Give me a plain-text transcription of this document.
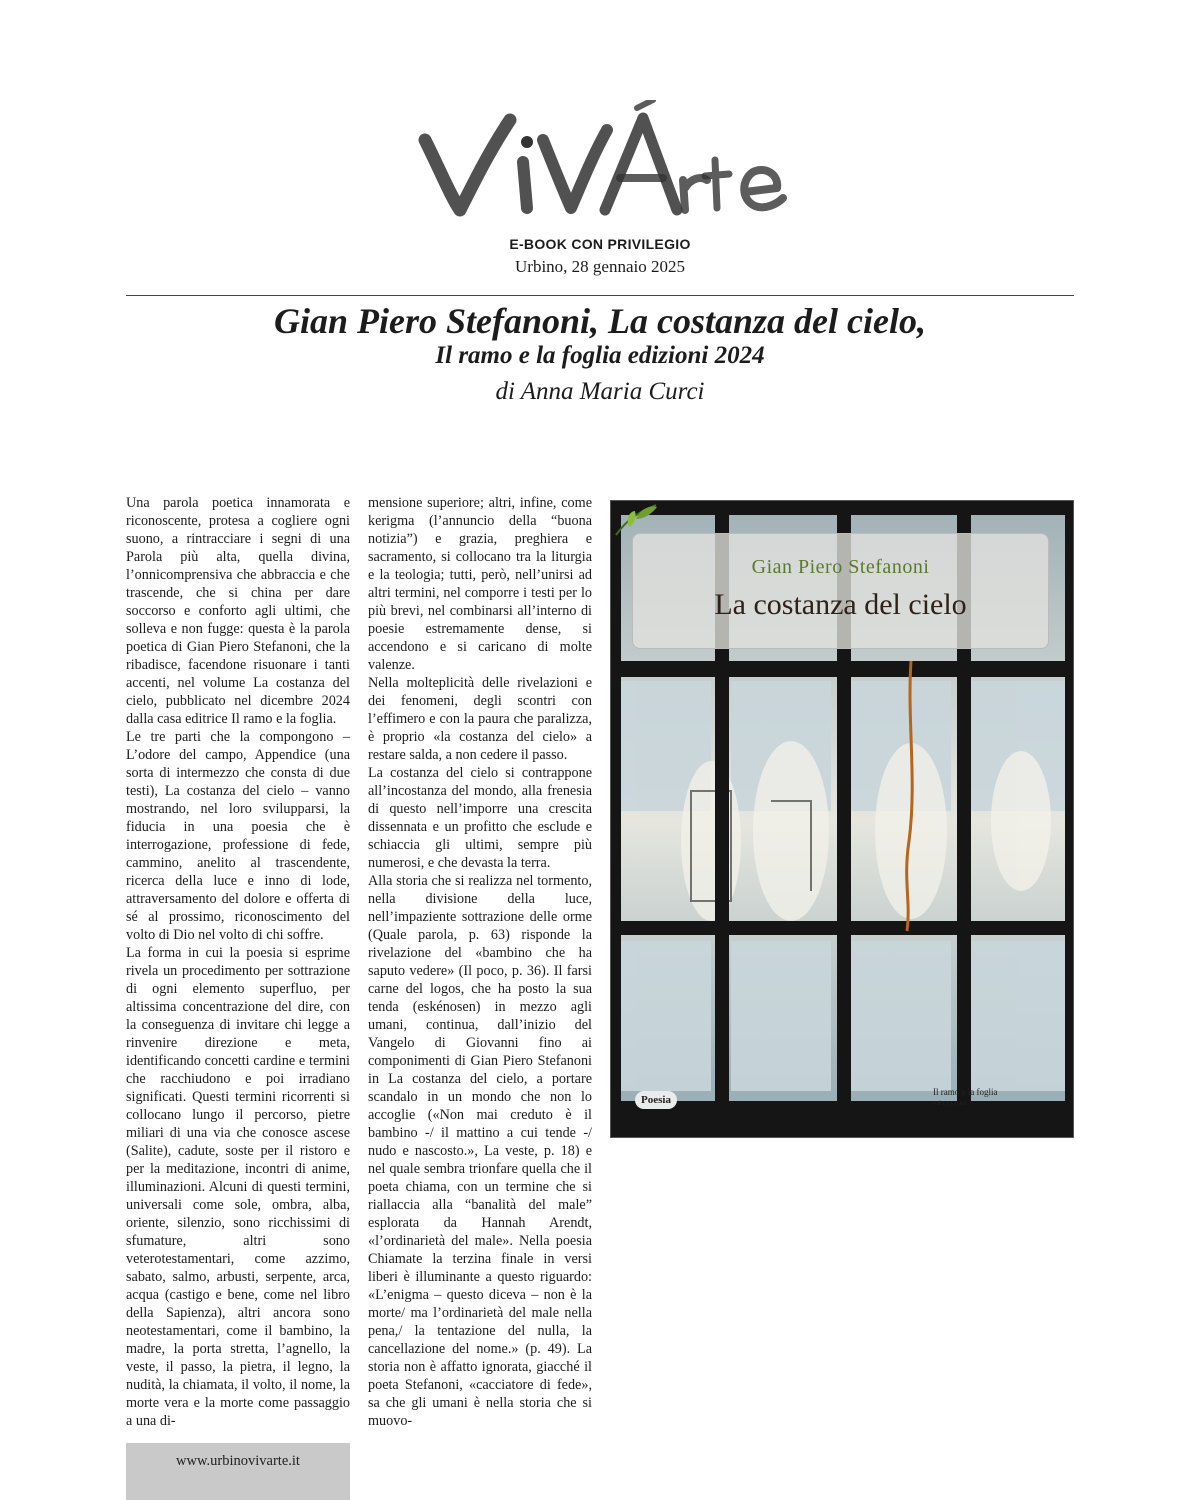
E-BOOK CON PRIVILEGIO
Urbino, 28 gennaio 2025
Gian Piero Stefanoni, La costanza del cielo,
Il ramo e la foglia edizioni 2024
di Anna Maria Curci

Una parola poetica innamorata e riconoscente, protesa a cogliere ogni suono, a rintracciare i segni di una Parola più alta, quella divina, l’onnicomprensiva che abbraccia e che trascende, che si china per dare soccorso e conforto agli ultimi, che solleva e non fugge: questa è la parola poetica di Gian Piero Stefanoni, che la ribadisce, facendone risuonare i tanti accenti, nel volume La costanza del cielo, pubblicato nel dicembre 2024 dalla casa editrice Il ramo e la foglia.

Le tre parti che la compongono – L’odore del campo, Appendice (una sorta di intermezzo che consta di due testi), La costanza del cielo – vanno mostrando, nel loro svilupparsi, la fiducia in una poesia che è interrogazione, professione di fede, cammino, anelito al trascendente, ricerca della luce e inno di lode, attraversamento del dolore e offerta di sé al prossimo, riconoscimento del volto di Dio nel volto di chi soffre.

La forma in cui la poesia si esprime rivela un procedimento per sottrazione di ogni elemento superfluo, per altissima concentrazione del dire, con la conseguenza di invitare chi legge a rinvenire direzione e meta, identificando concetti cardine e termini che racchiudono e poi irradiano significati. Questi termini ricorrenti si collocano lungo il percorso, pietre miliari di una via che conosce ascese (Salite), cadute, soste per il ristoro e per la meditazione, incontri di anime, illuminazioni. Alcuni di questi termini, universali come sole, ombra, alba, oriente, silenzio, sono ricchissimi di sfumature, altri sono veterotestamentari, come azzimo, sabato, salmo, arbusti, serpente, arca, acqua (castigo e bene, come nel libro della Sapienza), altri ancora sono neotestamentari, come il bambino, la madre, la porta stretta, l’agnello, la veste, il passo, la pietra, il legno, la nudità, la chiamata, il volto, il nome, la morte vera e la morte come passaggio a una di-

mensione superiore; altri, infine, come kerigma (l’annuncio della “buona notizia”) e grazia, preghiera e sacramento, si collocano tra la liturgia e la teologia; tutti, però, nell’unirsi ad altri termini, nel comporre i testi per lo più brevi, nel combinarsi all’interno di poesie estremamente dense, si accendono e si caricano di molte valenze.

Nella molteplicità delle rivelazioni e dei fenomeni, degli scontri con l’effimero e con la paura che paralizza, è proprio «la costanza del cielo» a restare salda, a non cedere il passo.

La costanza del cielo si contrappone all’incostanza del mondo, alla frenesia di questo nell’imporre una crescita dissennata e un profitto che esclude e schiaccia gli ultimi, sempre più numerosi, e che devasta la terra.

Alla storia che si realizza nel tormento, nella divisione della luce, nell’impaziente sottrazione delle orme (Quale parola, p. 63) risponde la rivelazione del «bambino che ha saputo vedere» (Il poco, p. 36). Il farsi carne del logos, che ha posto la sua tenda (eskénosen) in mezzo agli umani, continua, dall’inizio del Vangelo di Giovanni fino ai componimenti di Gian Piero Stefanoni in La costanza del cielo, a portare scandalo in un mondo che non lo accoglie («Non mai creduto è il bambino -/ il mattino a cui tende -/ nudo e nascosto.», La veste, p. 18) e nel quale sembra trionfare quella che il poeta chiama, con un termine che si riallaccia alla “banalità del male” esplorata da Hannah Arendt, «l’ordinarietà del male». Nella poesia Chiamate la terzina finale in versi liberi è illuminante a questo riguardo: «L’enigma – questo diceva – non è la morte/ ma l’ordinarietà del male nella pena,/ la tentazione del nulla, la cancellazione del nome.» (p. 49). La storia non è affatto ignorata, giacché il poeta Stefanoni, «cacciatore di fede», sa che gli umani è nella storia che si muovo-

Gian Piero Stefanoni
La costanza del cielo
Poesia
Il ramo e la foglia
edizioni
www.urbinovivarte.it
